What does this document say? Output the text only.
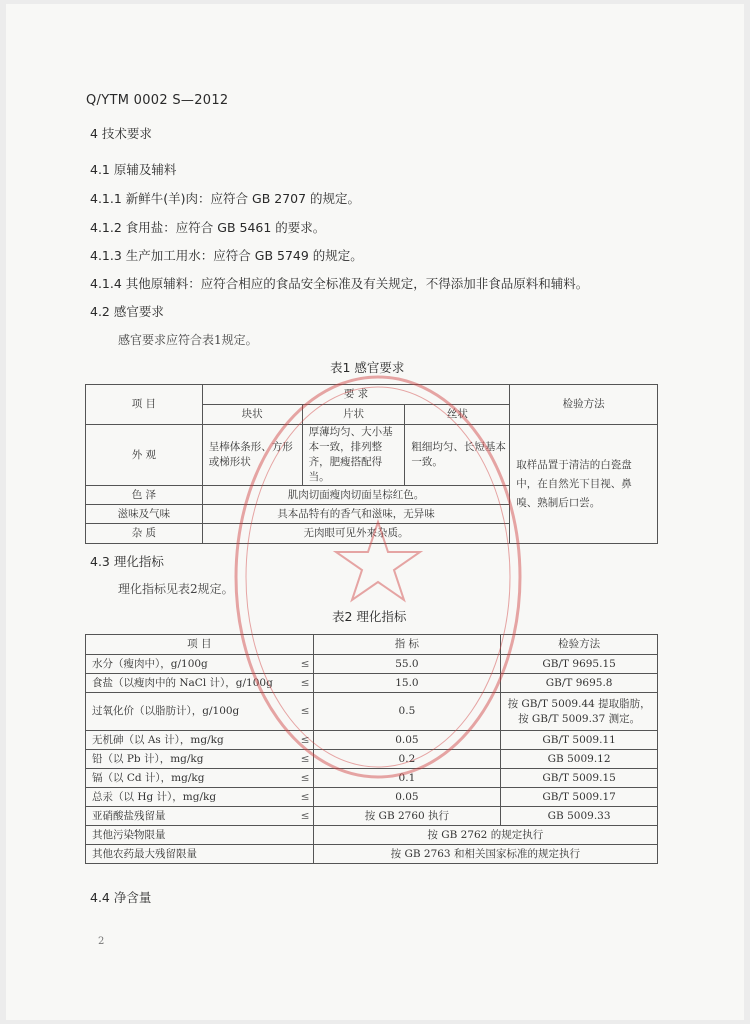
Q/YTM 0002 S—2012
4 技术要求
4.1 原辅及辅料
4.1.1 新鲜牛(羊)肉：应符合 GB 2707 的规定。
4.1.2 食用盐：应符合 GB 5461 的要求。
4.1.3 生产加工用水：应符合 GB 5749 的规定。
4.1.4 其他原辅料：应符合相应的食品安全标准及有关规定，不得添加非食品原料和辅料。
4.2 感官要求
感官要求应符合表1规定。
表1 感官要求
项 目	要 求			检验方法
	块状	片状	丝状	
外 观	呈棒体条形、方形或梯形状	厚薄均匀、大小基本一致，排列整齐，肥瘦搭配得当。	粗细均匀、长短基本一致。	取样品置于清洁的白瓷盘中，在自然光下目视、鼻嗅、熟制后口尝。
色 泽	肌肉切面瘦肉切面呈棕红色。			
滋味及气味	具本品特有的香气和滋味，无异味			
杂 质	无肉眼可见外来杂质。			
4.3 理化指标
理化指标见表2规定。
表2 理化指标
项 目	指 标	检验方法
水分（瘦肉中），g/100g ≤	55.0	GB/T 9695.15
食盐（以瘦肉中的 NaCl 计），g/100g ≤	15.0	GB/T 9695.8
过氧化价（以脂肪计），g/100g ≤	0.5	按 GB/T 5009.44 提取脂肪，按 GB/T 5009.37 测定。
无机砷（以 As 计），mg/kg ≤	0.05	GB/T 5009.11
铅（以 Pb 计），mg/kg ≤	0.2	GB 5009.12
镉（以 Cd 计），mg/kg ≤	0.1	GB/T 5009.15
总汞（以 Hg 计），mg/kg ≤	0.05	GB/T 5009.17
亚硝酸盐残留量 ≤	按 GB 2760 执行	GB 5009.33
其他污染物限量	按 GB 2762 的规定执行	
其他农药最大残留限量	按 GB 2763 和相关国家标准的规定执行	
4.4 净含量
2
